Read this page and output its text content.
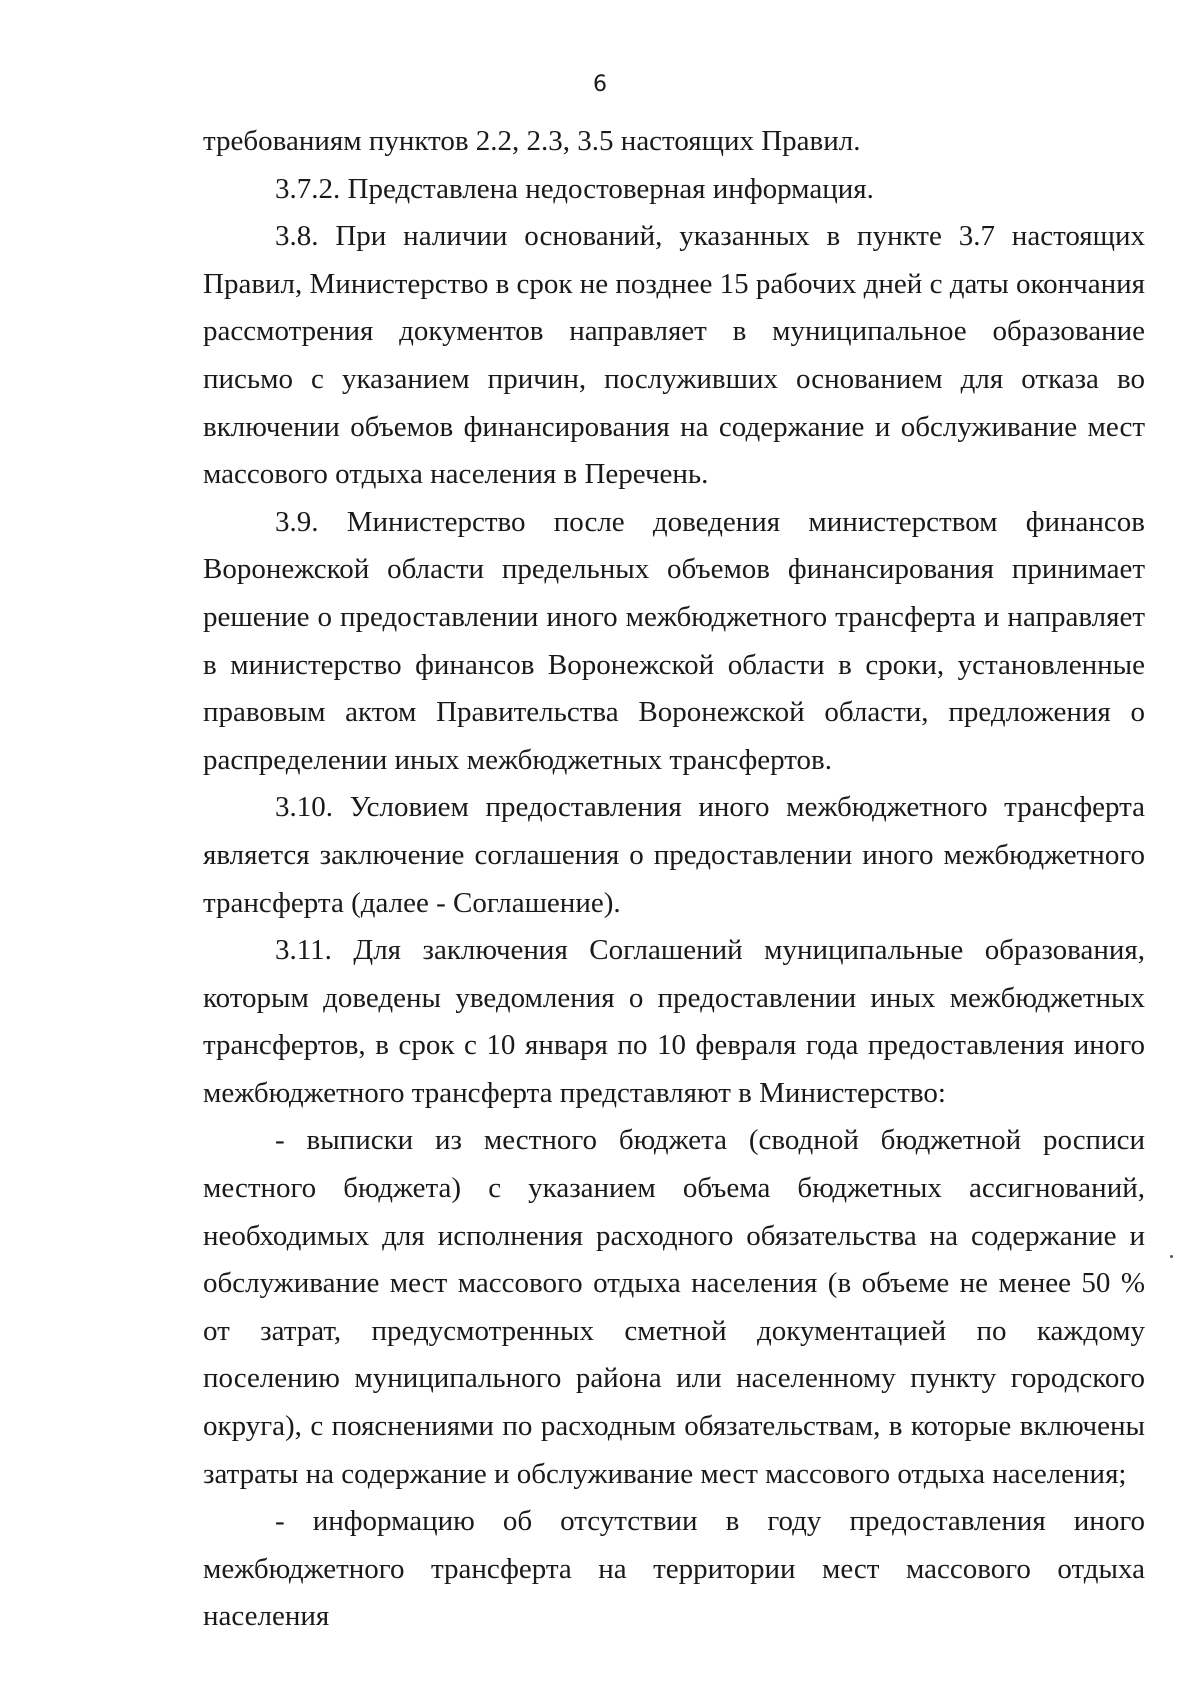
6

требованиям пунктов 2.2, 2.3, 3.5 настоящих Правил.

3.7.2. Представлена недостоверная информация.

3.8. При наличии оснований, указанных в пункте 3.7 настоящих Правил, Министерство в срок не позднее 15 рабочих дней с даты окончания рассмотрения документов направляет в муниципальное образование письмо с указанием причин, послуживших основанием для отказа во включении объемов финансирования на содержание и обслуживание мест массового отдыха населения в Перечень.

3.9. Министерство после доведения министерством финансов Воронежской области предельных объемов финансирования принимает решение о предоставлении иного межбюджетного трансферта и направляет в министерство финансов Воронежской области в сроки, установленные правовым актом Правительства Воронежской области, предложения о распределении иных межбюджетных трансфертов.

3.10. Условием предоставления иного межбюджетного трансферта является заключение соглашения о предоставлении иного межбюджетного трансферта (далее - Соглашение).

3.11. Для заключения Соглашений муниципальные образования, которым доведены уведомления о предоставлении иных межбюджетных трансфертов, в срок с 10 января по 10 февраля года предоставления иного межбюджетного трансферта представляют в Министерство:

- выписки из местного бюджета (сводной бюджетной росписи местного бюджета) с указанием объема бюджетных ассигнований, необходимых для исполнения расходного обязательства на содержание и обслуживание мест массового отдыха населения (в объеме не менее 50 % от затрат, предусмотренных сметной документацией по каждому поселению муниципального района или населенному пункту городского округа), с пояснениями по расходным обязательствам, в которые включены затраты на содержание и обслуживание мест массового отдыха населения;

- информацию об отсутствии в году предоставления иного межбюджетного трансферта на территории мест массового отдыха населения
